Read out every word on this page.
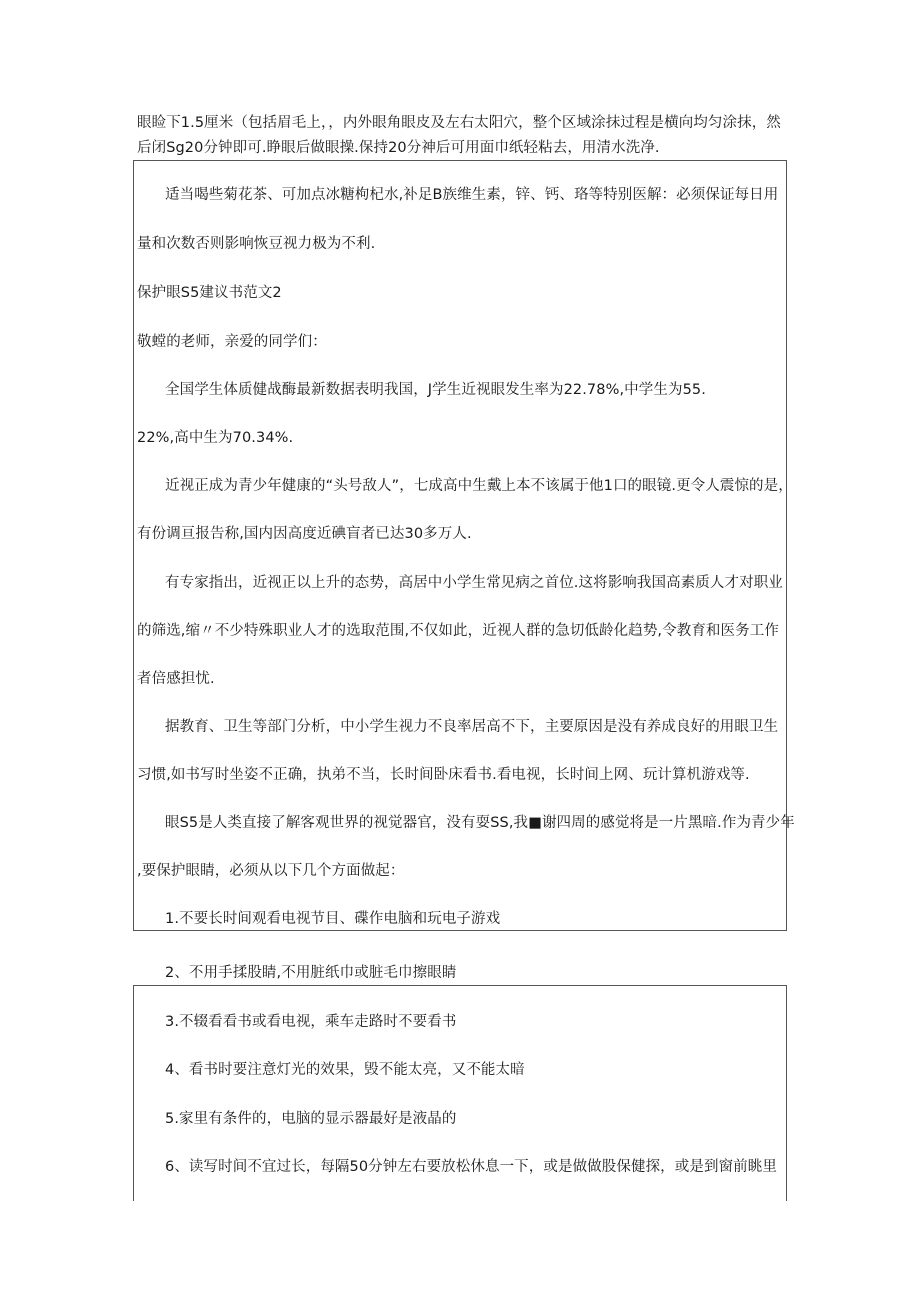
眼睑下1.5厘米（包括眉毛上，，内外眼角眼皮及左右太阳穴，整个区域涂抹过程是横向均匀涂抹，然
后闭Sg20分钟即可.睁眼后做眼操.保持20分神后可用面巾纸轻粘去，用清水洗净.
适当喝些菊花茶、可加点冰糖枸杞水,补足B族维生素，锌、钙、珞等特别医解：必须保证每日用
量和次数否则影响恢豆视力极为不利.
保护眼S5建议书范文2
敬螳的老师，亲爱的同学们：
全国学生体质健战酶最新数据表明我国，J学生近视眼发生率为22.78%,中学生为55.
22%,高中生为70.34%.
近视正成为青少年健康的“头号敌人”，七成高中生戴上本不该属于他1口的眼镜.更令人震惊的是，
有份调亘报告称,国内因高度近碘盲者已达30多万人.
有专家指出，近视正以上升的态势，高居中小学生常见病之首位.这将影响我国高素质人才对职业
的筛选,缩〃不少特殊职业人才的选取范围,不仅如此，近视人群的急切低龄化趋势,令教育和医务工作
者倍感担忧.
据教育、卫生等部门分析，中小学生视力不良率居高不下，主要原因是没有养成良好的用眼卫生
习惯,如书写时坐姿不正确，执弟不当，长时间卧床看书.看电视，长时间上网、玩计算机游戏等.
眼S5是人类直接了解客观世界的视觉器官，没有耍SS,我■谢四周的感觉将是一片黑暗.作为青少年
,要保护眼睛，必须从以下几个方面做起：
1.不要长时间观看电视节目、碟作电脑和玩电子游戏
2、不用手揉股睛,不用脏纸巾或脏毛巾擦眼睛
3.不辍看看书或看电视，乘车走路时不要看书
4、看书时要注意灯光的效果，毁不能太亮，又不能太暗
5.家里有条件的，电脑的显示器最好是液晶的
6、读写时间不宜过长，每隔50分钟左右要放松休息一下，或是做做股保健探，或是到窗前眺里
